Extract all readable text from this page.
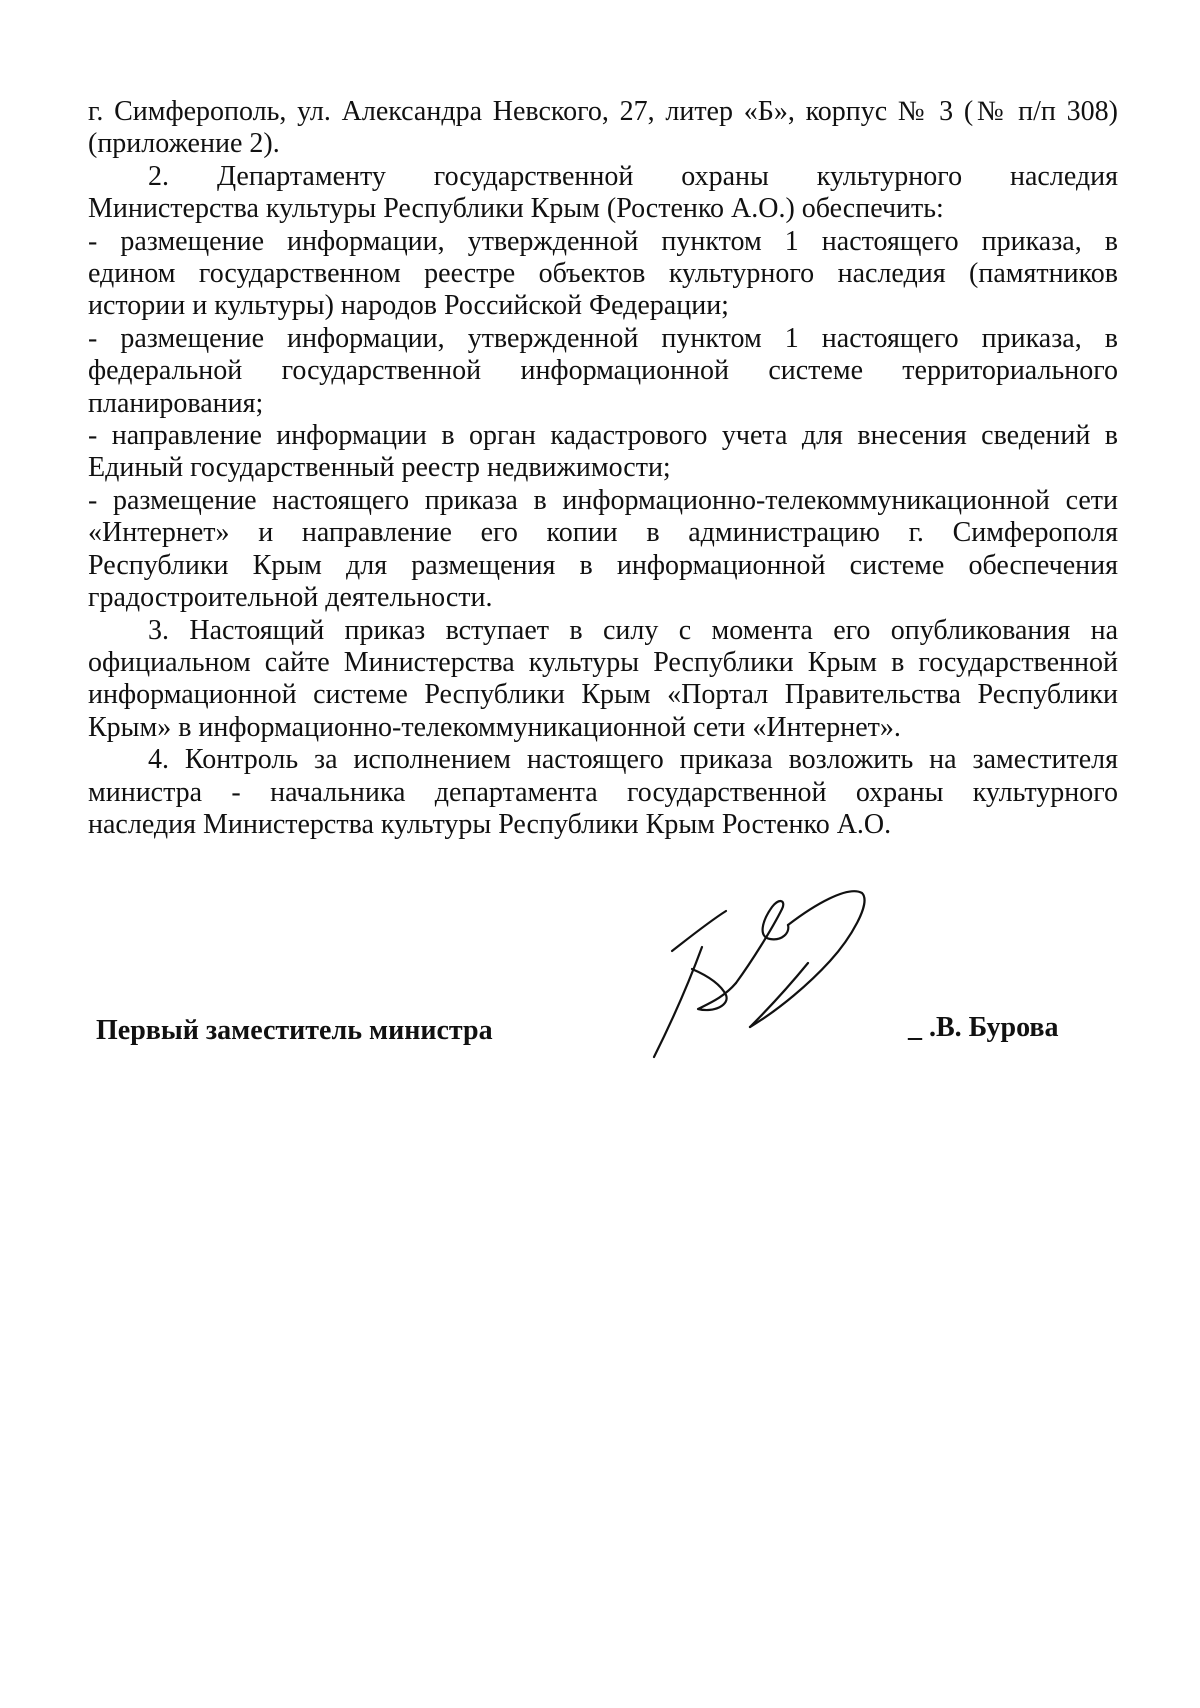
г. Симферополь, ул. Александра Невского, 27, литер «Б», корпус № 3 (№ п/п 308)
(приложение 2).
2. Департаменту государственной охраны культурного наследия
Министерства культуры Республики Крым (Ростенко А.О.) обеспечить:
- размещение информации, утвержденной пунктом 1 настоящего приказа, в
едином государственном реестре объектов культурного наследия (памятников
истории и культуры) народов Российской Федерации;
- размещение информации, утвержденной пунктом 1 настоящего приказа, в
федеральной государственной информационной системе территориального
планирования;
- направление информации в орган кадастрового учета для внесения сведений в
Единый государственный реестр недвижимости;
- размещение настоящего приказа в информационно-телекоммуникационной сети
«Интернет» и направление его копии в администрацию г. Симферополя
Республики Крым для размещения в информационной системе обеспечения
градостроительной деятельности.
3. Настоящий приказ вступает в силу с момента его опубликования на
официальном сайте Министерства культуры Республики Крым в государственной
информационной системе Республики Крым «Портал Правительства Республики
Крым» в информационно-телекоммуникационной сети «Интернет».
4. Контроль за исполнением настоящего приказа возложить на заместителя
министра - начальника департамента государственной охраны культурного
наследия Министерства культуры Республики Крым Ростенко А.О.
Первый заместитель министра	_ .В. Бурова
